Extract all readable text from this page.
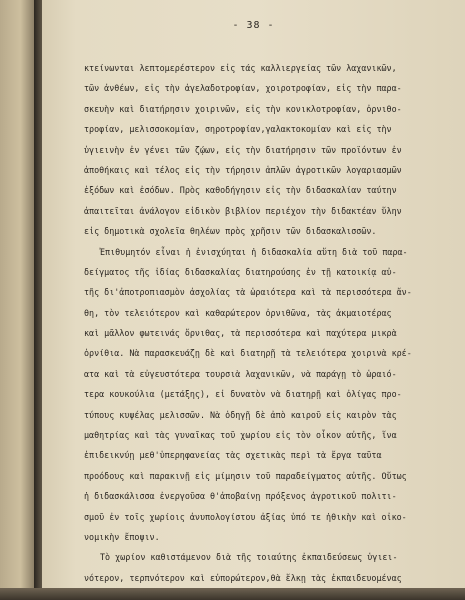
- 38 -
κτείνωνται λεπτομερέστερον εἰς τάς καλλιεργείας τῶν λαχανικῶν,
τῶν ἀνθέων, εἰς τὴν ἀγελαδοτροφίαν, χοιροτροφίαν, εἰς τὴν παρα-
σκευὴν καὶ διατήρησιν χοιρινῶν, εἰς τὴν κονικλοτροφίαν, ὀρνιθο-
τροφίαν, μελισσοκομίαν, σηροτροφίαν,γαλακτοκομίαν καὶ εἰς τὴν
ὑγιεινὴν ἐν γένει τῶν ζῴων, εἰς τὴν διατήρησιν τῶν προϊόντων ἐν
ἀποθήκαις καὶ τέλος εἰς τὴν τήρησιν ἁπλῶν ἀγροτικῶν λογαριασμῶν
ἐξόδων καὶ ἐσόδων. Πρὸς καθοδήγησιν εἰς τὴν διδασκαλίαν ταύτην
ἀπαιτεῖται ἀνάλογον εἰδικὸν βιβλίον περιέχον τὴν διδακτέαν ὕλην
εἰς δημοτικὰ σχολεῖα θηλέων πρὸς χρῆσιν τῶν διδασκαλισσῶν.
Ἐπιθυμητόν εἶναι ἡ ἐνισχύηται ἡ διδασκαλία αὕτη διὰ τοῦ παρα-
δείγματος τῆς ἰδίας διδασκαλίας διατηρούσης ἐν τῇ κατοικίᾳ αὐ-
τῆς δι'ἀποτροπιασμὸν ἀσχολίας τὰ ὡραιότερα καὶ τὰ περισσότερα ἄν-
θη, τὸν τελειότερον καὶ καθαρώτερον ὀρνιθῶνα, τὰς ἀκμαιοτέρας
καὶ μᾶλλον φωτεινάς ὄρνιθας, τὰ περισσότερα καὶ παχύτερα μικρὰ
ὀρνίθια. Νὰ παρασκευάζῃ δὲ καὶ διατηρῇ τὰ τελειότερα χοιρινὰ κρέ-
ατα καὶ τὰ εὐγευστότερα τουρσιὰ λαχανικῶν, νὰ παράγῃ τὸ ὡραιό-
τερα κουκούλια (μετάξης), εἰ δυνατὸν νὰ διατηρῇ καὶ ὀλίγας προ-
τύπους κυψέλας μελισσῶν. Νὰ ὁδηγῇ δὲ ἀπὸ καιροῦ εἰς καιρὸν τὰς
μαθητρίας καὶ τὰς γυναῖκας τοῦ χωρίου εἰς τὸν οἶκον αὐτῆς, ἵνα
ἐπιδεικνύῃ μεθ'ὑπερηφανείας τὰς σχετικὰς περὶ τὰ ἔργα ταῦτα
προόδους καὶ παρακινῇ εἰς μίμησιν τοῦ παραδείγματος αὐτῆς. Οὕτως
ἡ διδασκάλισσα ἐνεργοῦσα θ'ἀποβαίνῃ πρόξενος ἀγροτικοῦ πολιτι-
σμοῦ ἐν τοῖς χωρίοις ἀνυπολογίστου ἀξίας ὑπό τε ἠθικὴν καὶ οἰκο-
νομικὴν ἔποψιν.
Τὸ χωρίον καθιστάμενον διὰ τῆς τοιαύτης ἐκπαιδεύσεως ὑγιει-
νότερον, τερπνότερον καὶ εὐπορώτερον,θὰ ἕλκῃ τὰς ἐκπαιδευομένας
